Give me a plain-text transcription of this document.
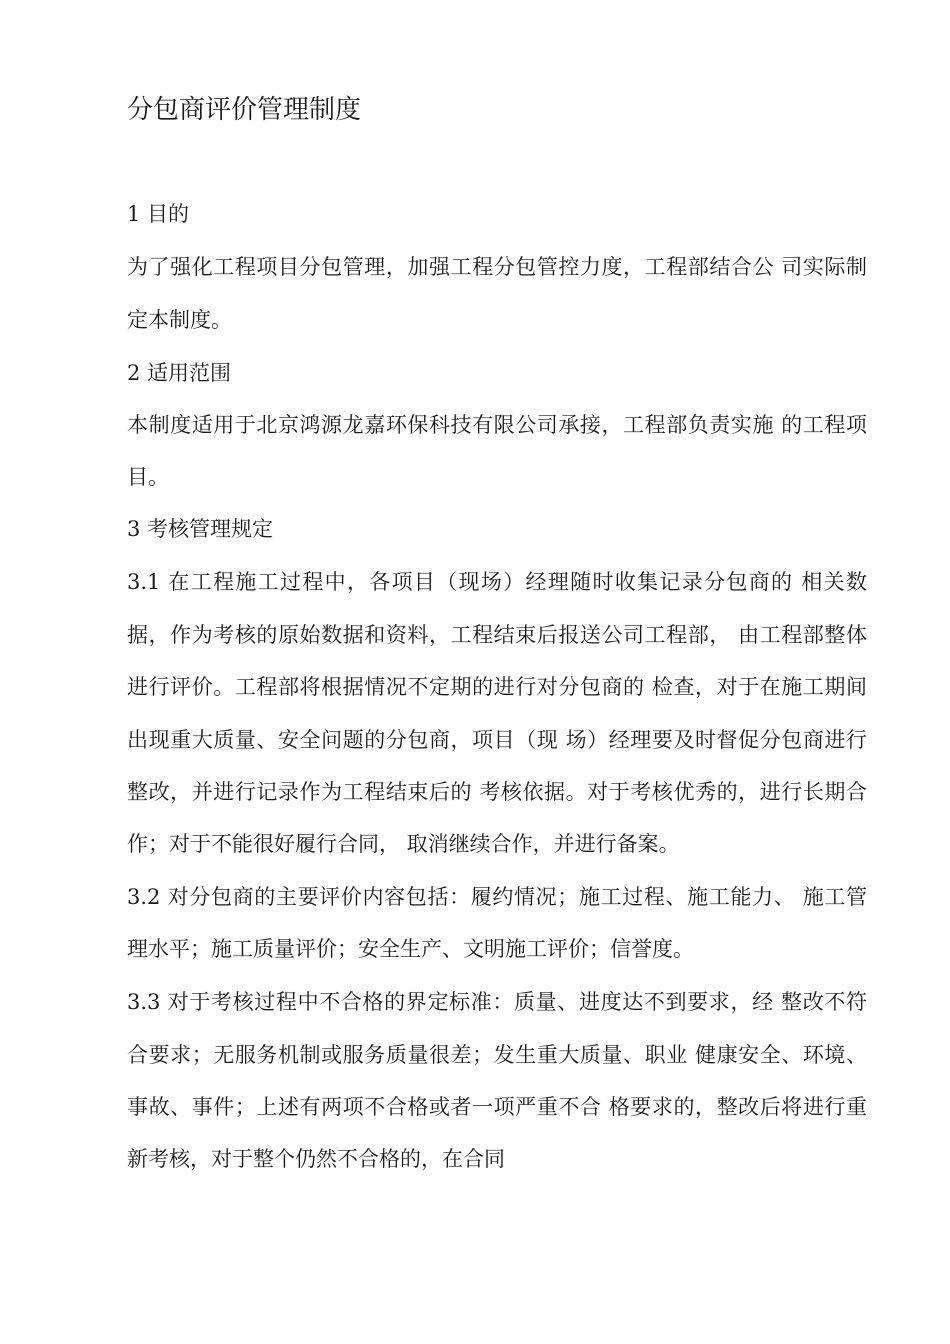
分包商评价管理制度

1 目的

为了强化工程项目分包管理，加强工程分包管控力度，工程部结合公 司实际制

定本制度。

2 适用范围

本制度适用于北京鸿源龙嘉环保科技有限公司承接，工程部负责实施 的工程项

目。

3 考核管理规定

3.1 在工程施工过程中，各项目（现场）经理随时收集记录分包商的 相关数

据，作为考核的原始数据和资料，工程结束后报送公司工程部， 由工程部整体

进行评价。工程部将根据情况不定期的进行对分包商的 检查，对于在施工期间

出现重大质量、安全问题的分包商，项目（现 场）经理要及时督促分包商进行

整改，并进行记录作为工程结束后的 考核依据。对于考核优秀的，进行长期合

作；对于不能很好履行合同， 取消继续合作，并进行备案。

3.2 对分包商的主要评价内容包括：履约情况；施工过程、施工能力、 施工管

理水平；施工质量评价；安全生产、文明施工评价；信誉度。

3.3 对于考核过程中不合格的界定标准：质量、进度达不到要求，经 整改不符

合要求；无服务机制或服务质量很差；发生重大质量、职业 健康安全、环境、

事故、事件；上述有两项不合格或者一项严重不合 格要求的，整改后将进行重

新考核，对于整个仍然不合格的，在合同
